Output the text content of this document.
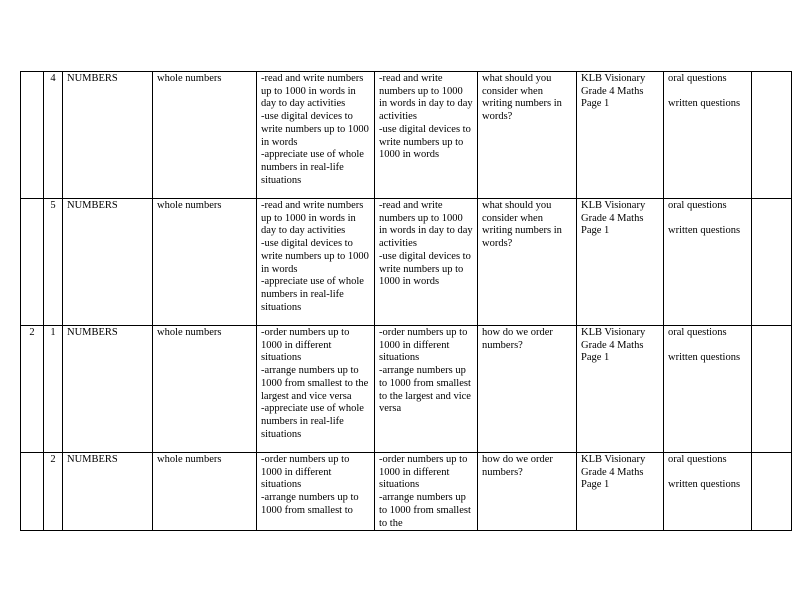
	4	NUMBERS	whole numbers	-read and write numbers up to 1000 in words in day to day activities
-use digital devices to write numbers up to 1000 in words
-appreciate use of whole numbers in real-life situations	-read and write numbers up to 1000 in words in day to day activities
-use digital devices to write numbers up to 1000 in words	what should you consider when writing numbers in words?	KLB Visionary Grade 4 Maths Page 1	oral questions
written questions	
	5	NUMBERS	whole numbers	-read and write numbers up to 1000 in words in day to day activities
-use digital devices to write numbers up to 1000 in words
-appreciate use of whole numbers in real-life situations	-read and write numbers up to 1000 in words in day to day activities
-use digital devices to write numbers up to 1000 in words	what should you consider when writing numbers in words?	KLB Visionary Grade 4 Maths Page 1	oral questions
written questions	
2	1	NUMBERS	whole numbers	-order numbers up to 1000 in different situations
-arrange numbers up to 1000 from smallest to the largest and vice versa
-appreciate use of whole numbers in real-life situations	-order numbers up to 1000 in different situations
-arrange numbers up to 1000 from smallest to the largest and vice versa	how do we order numbers?	KLB Visionary Grade 4 Maths Page 1	oral questions
written questions	
	2	NUMBERS	whole numbers	-order numbers up to 1000 in different situations
-arrange numbers up to 1000 from smallest to	-order numbers up to 1000 in different situations
-arrange numbers up to 1000 from smallest to the	how do we order numbers?	KLB Visionary Grade 4 Maths Page 1	oral questions
written questions	
